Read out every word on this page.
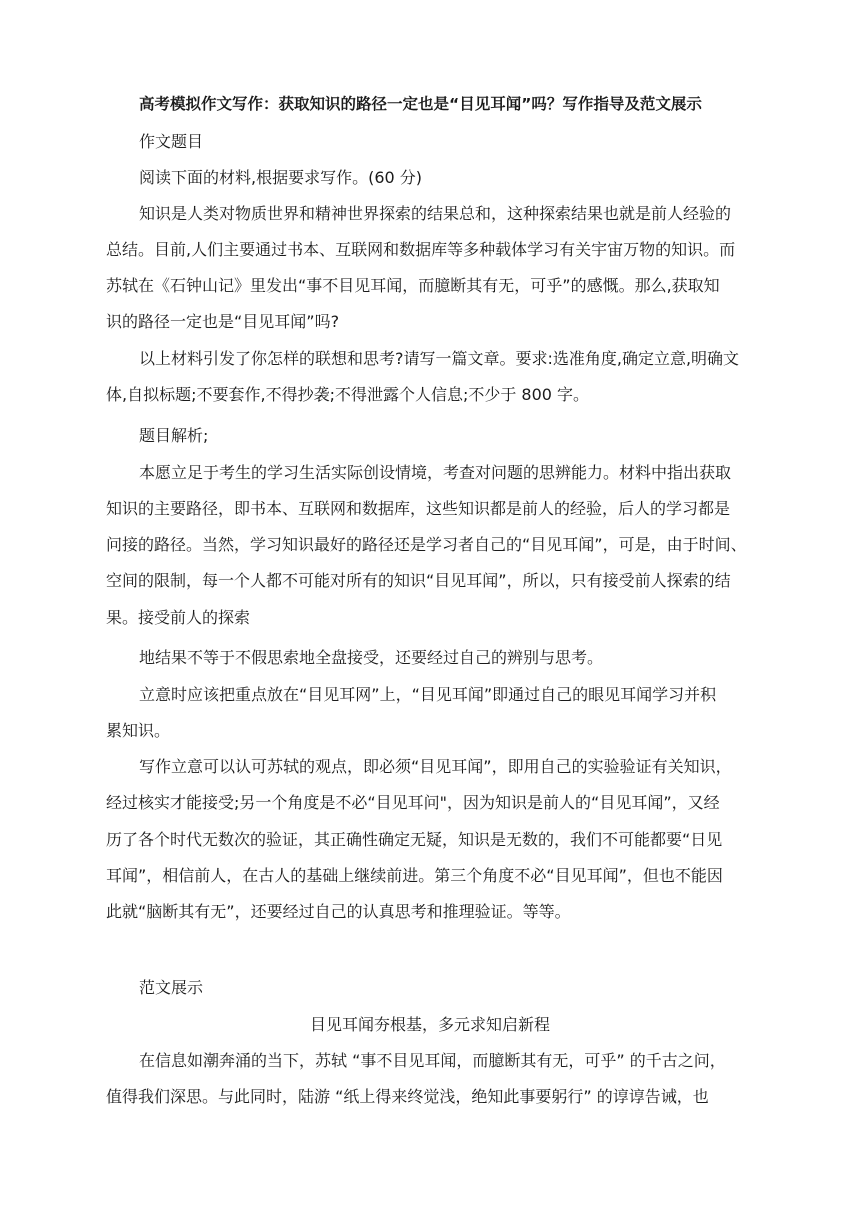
高考模拟作文写作：获取知识的路径一定也是“目见耳闻”吗？写作指导及范文展示
作文题目
阅读下面的材料,根据要求写作。(60 分)
知识是人类对物质世界和精神世界探索的结果总和，这种探索结果也就是前人经验的
总结。目前,人们主要通过书本、互联网和数据库等多种载体学习有关宇宙万物的知识。而
苏轼在《石钟山记》里发出“事不目见耳闻，而臆断其有无，可乎”的感慨。那么,获取知
识的路径一定也是“目见耳闻”吗?
以上材料引发了你怎样的联想和思考?请写一篇文章。要求:选准角度,确定立意,明确文
体,自拟标题;不要套作,不得抄袭;不得泄露个人信息;不少于 800 字。
题目解析;
本愿立足于考生的学习生活实际创设情境，考查对问题的思辨能力。材料中指出获取
知识的主要路径，即书本、互联网和数据库，这些知识都是前人的经验，后人的学习都是
问接的路径。当然，学习知识最好的路径还是学习者自己的“目见耳闻”，可是，由于时间、
空间的限制，每一个人都不可能对所有的知识“目见耳闻”，所以，只有接受前人探索的结
果。接受前人的探索
地结果不等于不假思索地全盘接受，还要经过自己的辨别与思考。
立意时应该把重点放在“目见耳网”上，“目见耳闻”即通过自己的眼见耳闻学习并积
累知识。
写作立意可以认可苏轼的观点，即必须“目见耳闻”，即用自己的实验验证有关知识，
经过核实才能接受;另一个角度是不必“目见耳问"，因为知识是前人的“目见耳闻”，又经
历了各个时代无数次的验证，其正确性确定无疑，知识是无数的，我们不可能都要“日见
耳闻”，相信前人，在古人的基础上继续前进。第三个角度不必“目见耳闻”，但也不能因
此就“脑断其有无”，还要经过自己的认真思考和推理验证。等等。
范文展示
目见耳闻夯根基，多元求知启新程
在信息如潮奔涌的当下，苏轼 “事不目见耳闻，而臆断其有无，可乎” 的千古之问，
值得我们深思。与此同时，陆游 “纸上得来终觉浅，绝知此事要躬行” 的谆谆告诫，也
